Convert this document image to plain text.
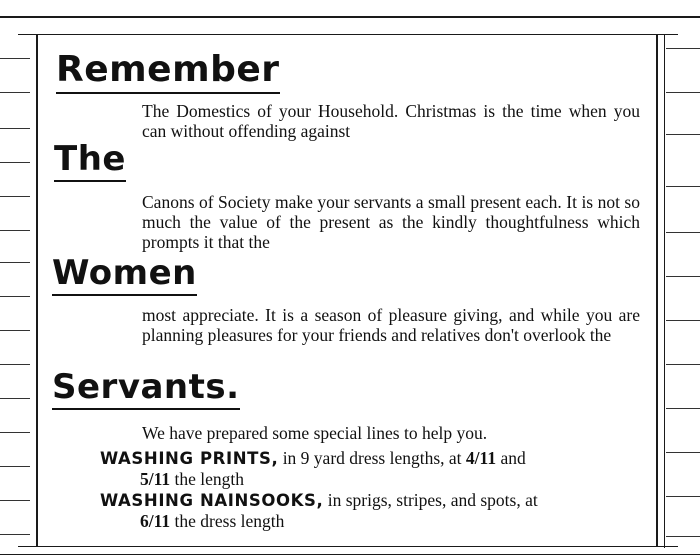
Remember

The Domestics of your Household. Christmas is the time when you can without offending against

The

Canons of Society make your servants a small present each. It is not so much the value of the present as the kindly thoughtfulness which prompts it that the

Women

most appreciate. It is a season of pleasure giving, and while you are planning pleasures for your friends and relatives don't overlook the

Servants.

We have prepared some special lines to help you.

WASHING PRINTS, in 9 yard dress lengths, at 4/11 and
5/11 the length

WASHING NAINSOOKS, in sprigs, stripes, and spots, at
6/11 the dress length
